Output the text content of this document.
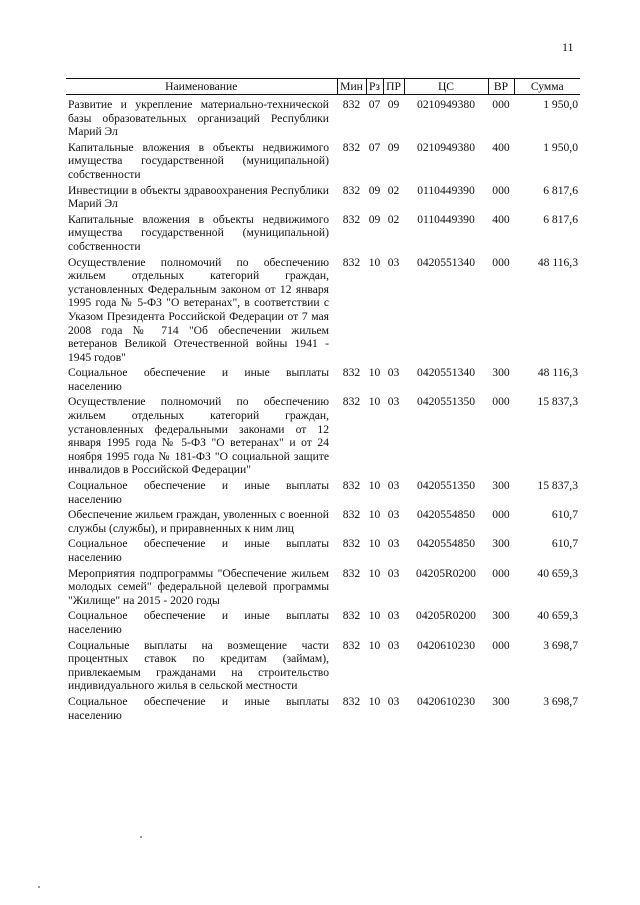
11
Наименование	Мин	Рз	ПР	ЦС	ВР	Сумма
Развитие и укрепление материально-технической базы образовательных организаций Республики Марий Эл	832	07	09	0210949380	000	1 950,0
Капитальные вложения в объекты недвижимого имущества государственной (муниципальной) собственности	832	07	09	0210949380	400	1 950,0
Инвестиции в объекты здравоохранения Республики Марий Эл	832	09	02	0110449390	000	6 817,6
Капитальные вложения в объекты недвижимого имущества государственной (муниципальной) собственности	832	09	02	0110449390	400	6 817,6
Осуществление полномочий по обеспечению жильем отдельных категорий граждан, установленных Федеральным законом от 12 января 1995 года № 5-ФЗ "О ветеранах", в соответствии с Указом Президента Российской Федерации от 7 мая 2008 года № 714 "Об обеспечении жильем ветеранов Великой Отечественной войны 1941 - 1945 годов"	832	10	03	0420551340	000	48 116,3
Социальное обеспечение и иные выплаты населению	832	10	03	0420551340	300	48 116,3
Осуществление полномочий по обеспечению жильем отдельных категорий граждан, установленных федеральными законами от 12 января 1995 года № 5-ФЗ "О ветеранах" и от 24 ноября 1995 года № 181-ФЗ "О социальной защите инвалидов в Российской Федерации"	832	10	03	0420551350	000	15 837,3
Социальное обеспечение и иные выплаты населению	832	10	03	0420551350	300	15 837,3
Обеспечение жильем граждан, уволенных с военной службы (службы), и приравненных к ним лиц	832	10	03	0420554850	000	610,7
Социальное обеспечение и иные выплаты населению	832	10	03	0420554850	300	610,7
Мероприятия подпрограммы "Обеспечение жильем молодых семей" федеральной целевой программы "Жилище" на 2015 - 2020 годы	832	10	03	04205R0200	000	40 659,3
Социальное обеспечение и иные выплаты населению	832	10	03	04205R0200	300	40 659,3
Социальные выплаты на возмещение части процентных ставок по кредитам (займам), привлекаемым гражданами на строительство индивидуального жилья в сельской местности	832	10	03	0420610230	000	3 698,7
Социальное обеспечение и иные выплаты населению	832	10	03	0420610230	300	3 698,7
